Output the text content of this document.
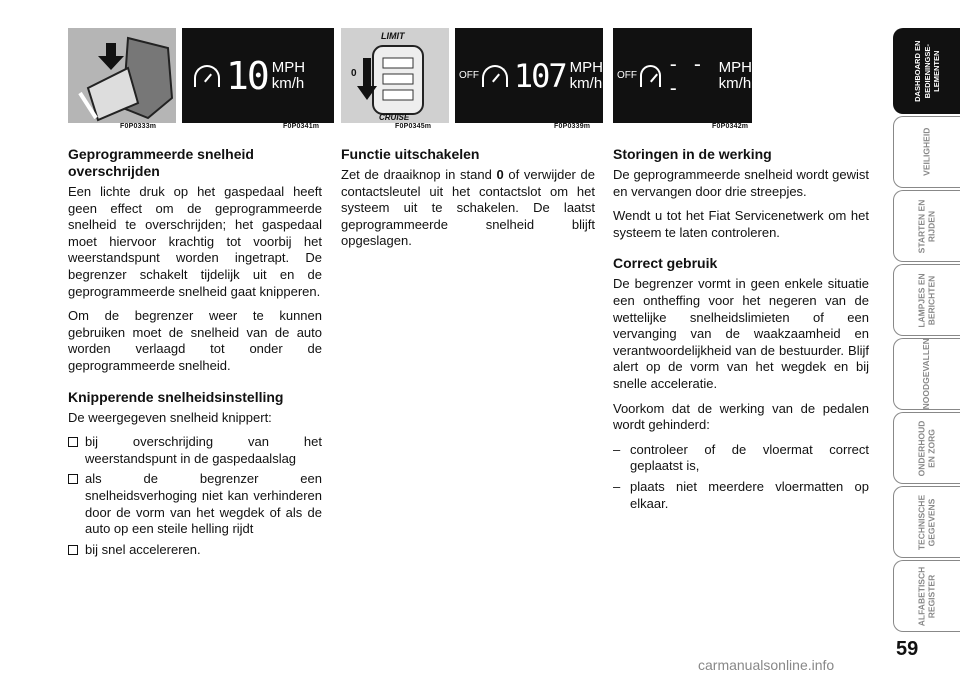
F0P0333m
10 MPH
km/h
F0P0341m
LIMIT
CRUISE
0
F0P0345m
OFF 107 MPH
km/h
F0P0339m
OFF - - -
MPH
km/h
F0P0342m
Geprogrammeerde snelheid overschrijden

Een lichte druk op het gaspedaal heeft geen effect om de geprogrammeerde snelheid te overschrijden; het gaspedaal moet hiervoor krachtig tot voorbij het weerstandspunt worden ingetrapt. De begrenzer schakelt tijdelijk uit en de geprogrammeerde snelheid gaat knipperen.

Om de begrenzer weer te kunnen gebruiken moet de snelheid van de auto worden verlaagd tot onder de geprogrammeerde snelheid.

Knipperende snelheidsinstelling

De weergegeven snelheid knippert:

bij overschrijding van het weerstandspunt in de gaspedaalslag
als de begrenzer een snelheidsverhoging niet kan verhinderen door de vorm van het wegdek of als de auto op een steile helling rijdt
bij snel accelereren.
Functie uitschakelen

Zet de draaiknop in stand 0 of verwijder de contactsleutel uit het contactslot om het systeem uit te schakelen. De laatst geprogrammeerde snelheid blijft opgeslagen.

Storingen in de werking

De geprogrammeerde snelheid wordt gewist en vervangen door drie streepjes.

Wendt u tot het Fiat Servicenetwerk om het systeem te laten controleren.

Correct gebruik

De begrenzer vormt in geen enkele situatie een ontheffing voor het negeren van de wettelijke snelheidslimieten of een vervanging van de waakzaamheid en verantwoordelijkheid van de bestuurder. Blijf alert op de vorm van het wegdek en bij snelle acceleratie.

Voorkom dat de werking van de pedalen wordt gehinderd:

– controleer of de vloermat correct geplaatst is,
– plaats niet meerdere vloermatten op elkaar.
DASHBOARD EN BEDIENINGSE-LEMENTEN
VEILIGHEID
STARTEN EN RIJDEN
LAMPJES EN BERICHTEN
NOODGEVALLEN
ONDERHOUD EN ZORG
TECHNISCHE GEGEVENS
ALFABETISCH REGISTER
59
carmanualsonline.info
